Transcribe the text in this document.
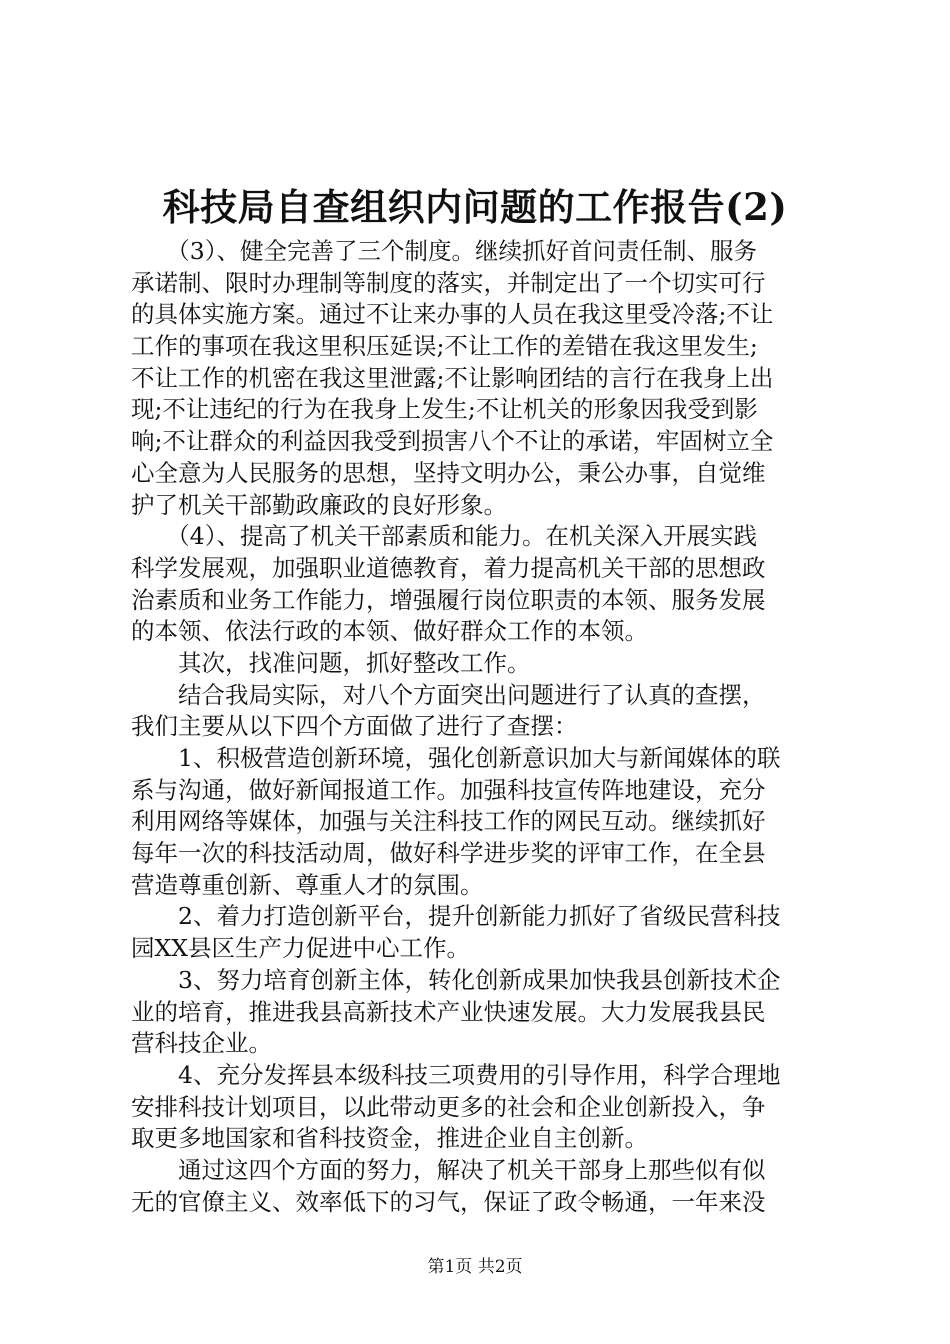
科技局自查组织内问题的工作报告(2)
　　（3）、健全完善了三个制度。继续抓好首问责任制、服务
承诺制、限时办理制等制度的落实，并制定出了一个切实可行
的具体实施方案。通过不让来办事的人员在我这里受冷落;不让
工作的事项在我这里积压延误;不让工作的差错在我这里发生;
不让工作的机密在我这里泄露;不让影响团结的言行在我身上出
现;不让违纪的行为在我身上发生;不让机关的形象因我受到影
响;不让群众的利益因我受到损害八个不让的承诺，牢固树立全
心全意为人民服务的思想，坚持文明办公，秉公办事，自觉维
护了机关干部勤政廉政的良好形象。
　　（4）、提高了机关干部素质和能力。在机关深入开展实践
科学发展观，加强职业道德教育，着力提高机关干部的思想政
治素质和业务工作能力，增强履行岗位职责的本领、服务发展
的本领、依法行政的本领、做好群众工作的本领。
　　其次，找准问题，抓好整改工作。
　　结合我局实际，对八个方面突出问题进行了认真的查摆，
我们主要从以下四个方面做了进行了查摆：
　　1、积极营造创新环境，强化创新意识加大与新闻媒体的联
系与沟通，做好新闻报道工作。加强科技宣传阵地建设，充分
利用网络等媒体，加强与关注科技工作的网民互动。继续抓好
每年一次的科技活动周，做好科学进步奖的评审工作，在全县
营造尊重创新、尊重人才的氛围。
　　2、着力打造创新平台，提升创新能力抓好了省级民营科技
园XX县区生产力促进中心工作。
　　3、努力培育创新主体，转化创新成果加快我县创新技术企
业的培育，推进我县高新技术产业快速发展。大力发展我县民
营科技企业。
　　4、充分发挥县本级科技三项费用的引导作用，科学合理地
安排科技计划项目，以此带动更多的社会和企业创新投入，争
取更多地国家和省科技资金，推进企业自主创新。
　　通过这四个方面的努力，解决了机关干部身上那些似有似
无的官僚主义、效率低下的习气，保证了政令畅通，一年来没
第1页 共2页
